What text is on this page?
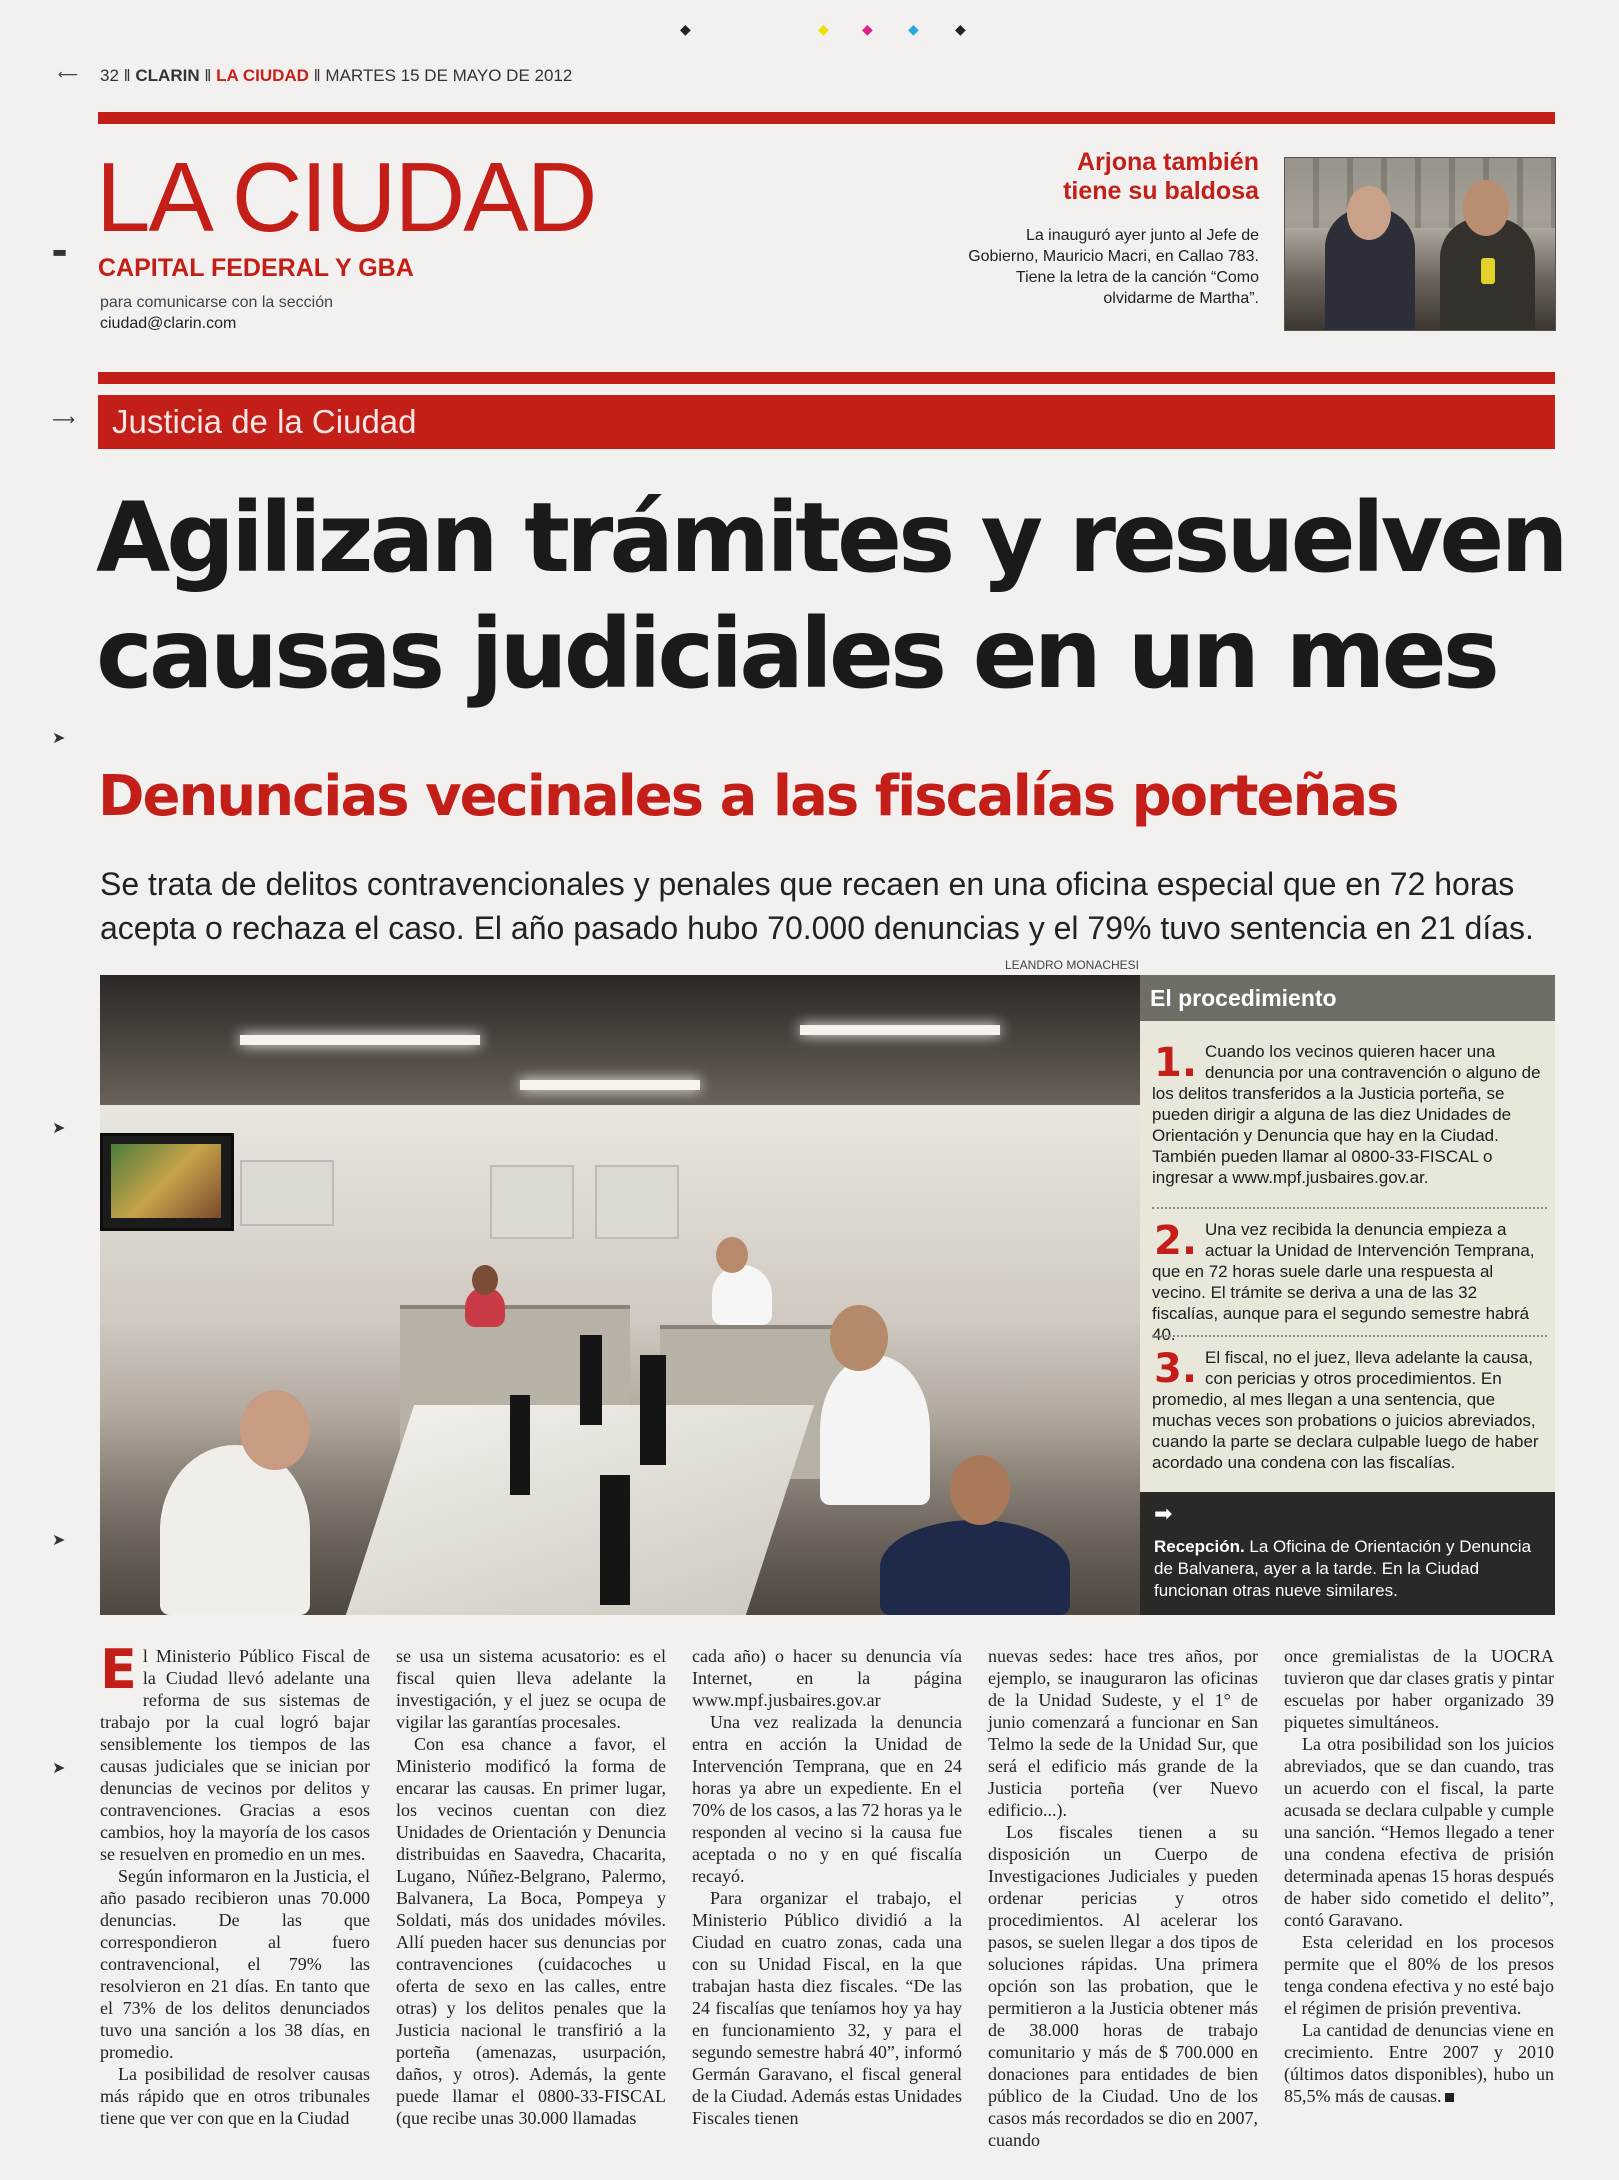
◆	◆ ◆	◆	◆
⟵ 32 ‖ CLARIN ‖ LA CIUDAD ‖ MARTES 15 DE MAYO DE 2012
LA CIUDAD
CAPITAL FEDERAL Y GBA
para comunicarse con la sección
ciudad@clarin.com
Arjona también
tiene su baldosa
La inauguró ayer junto al Jefe de Gobierno, Mauricio Macri, en Callao 783. Tiene la letra de la canción “Como olvidarme de Martha”.
Justicia de la Ciudad
Agilizan trámites y resuelven
causas judiciales en un mes
Denuncias vecinales a las fiscalías porteñas
Se trata de delitos contravencionales y penales que recaen en una oficina especial que en 72 horas acepta o rechaza el caso. El año pasado hubo 70.000 denuncias y el 79% tuvo sentencia en 21 días.
LEANDRO MONACHESI
El procedimiento
1. Cuando los vecinos quieren hacer una denuncia por una contravención o alguno de los delitos transferidos a la Justicia porteña, se pueden dirigir a alguna de las diez Unidades de Orientación y Denuncia que hay en la Ciudad. También pueden llamar al 0800-33-FISCAL o ingresar a www.mpf.jusbaires.gov.ar.
2. Una vez recibida la denuncia empieza a actuar la Unidad de Intervención Temprana, que en 72 horas suele darle una respuesta al vecino. El trámite se deriva a una de las 32 fiscalías, aunque para el segundo semestre habrá 40.
3. El fiscal, no el juez, lleva adelante la causa, con pericias y otros procedimientos. En promedio, al mes llegan a una sentencia, que muchas veces son probations o juicios abreviados, cuando la parte se declara culpable luego de haber acordado una condena con las fiscalías.
➡

Recepción. La Oficina de Orientación y Denuncia de Balvanera, ayer a la tarde. En la Ciudad funcionan otras nueve similares.

El Ministerio Público Fiscal de la Ciudad llevó adelante una reforma de sus sistemas de trabajo por la cual logró bajar sensiblemente los tiempos de las causas judiciales que se inician por denuncias de vecinos por delitos y contravenciones. Gracias a esos cambios, hoy la mayoría de los casos se resuelven en promedio en un mes.

Según informaron en la Justicia, el año pasado recibieron unas 70.000 denuncias. De las que correspondieron al fuero contravencional, el 79% las resolvieron en 21 días. En tanto que el 73% de los delitos denunciados tuvo una sanción a los 38 días, en promedio.

La posibilidad de resolver causas más rápido que en otros tribunales tiene que ver con que en la Ciudad

se usa un sistema acusatorio: es el fiscal quien lleva adelante la investigación, y el juez se ocupa de vigilar las garantías procesales.

Con esa chance a favor, el Ministerio modificó la forma de encarar las causas. En primer lugar, los vecinos cuentan con diez Unidades de Orientación y Denuncia distribuidas en Saavedra, Chacarita, Lugano, Núñez-Belgrano, Palermo, Balvanera, La Boca, Pompeya y Soldati, más dos unidades móviles. Allí pueden hacer sus denuncias por contravenciones (cuidacoches u oferta de sexo en las calles, entre otras) y los delitos penales que la Justicia nacional le transfirió a la porteña (amenazas, usurpación, daños, y otros). Además, la gente puede llamar el 0800-33-FISCAL (que recibe unas 30.000 llamadas

cada año) o hacer su denuncia vía Internet, en la página www.mpf.jusbaires.gov.ar

Una vez realizada la denuncia entra en acción la Unidad de Intervención Temprana, que en 24 horas ya abre un expediente. En el 70% de los casos, a las 72 horas ya le responden al vecino si la causa fue aceptada o no y en qué fiscalía recayó.

Para organizar el trabajo, el Ministerio Público dividió a la Ciudad en cuatro zonas, cada una con su Unidad Fiscal, en la que trabajan hasta diez fiscales. “De las 24 fiscalías que teníamos hoy ya hay en funcionamiento 32, y para el segundo semestre habrá 40”, informó Germán Garavano, el fiscal general de la Ciudad. Además estas Unidades Fiscales tienen

nuevas sedes: hace tres años, por ejemplo, se inauguraron las oficinas de la Unidad Sudeste, y el 1° de junio comenzará a funcionar en San Telmo la sede de la Unidad Sur, que será el edificio más grande de la Justicia porteña (ver Nuevo edificio...).

Los fiscales tienen a su disposición un Cuerpo de Investigaciones Judiciales y pueden ordenar pericias y otros procedimientos. Al acelerar los pasos, se suelen llegar a dos tipos de soluciones rápidas. Una primera opción son las probation, que le permitieron a la Justicia obtener más de 38.000 horas de trabajo comunitario y más de $ 700.000 en donaciones para entidades de bien público de la Ciudad. Uno de los casos más recordados se dio en 2007, cuando

once gremialistas de la UOCRA tuvieron que dar clases gratis y pintar escuelas por haber organizado 39 piquetes simultáneos.

La otra posibilidad son los juicios abreviados, que se dan cuando, tras un acuerdo con el fiscal, la parte acusada se declara culpable y cumple una sanción. “Hemos llegado a tener una condena efectiva de prisión determinada apenas 15 horas después de haber sido cometido el delito”, contó Garavano.

Esta celeridad en los procesos permite que el 80% de los presos tenga condena efectiva y no esté bajo el régimen de prisión preventiva.

La cantidad de denuncias viene en crecimiento. Entre 2007 y 2010 (últimos datos disponibles), hubo un 85,5% más de causas.

▬
⟶
➤
➤
➤
➤
